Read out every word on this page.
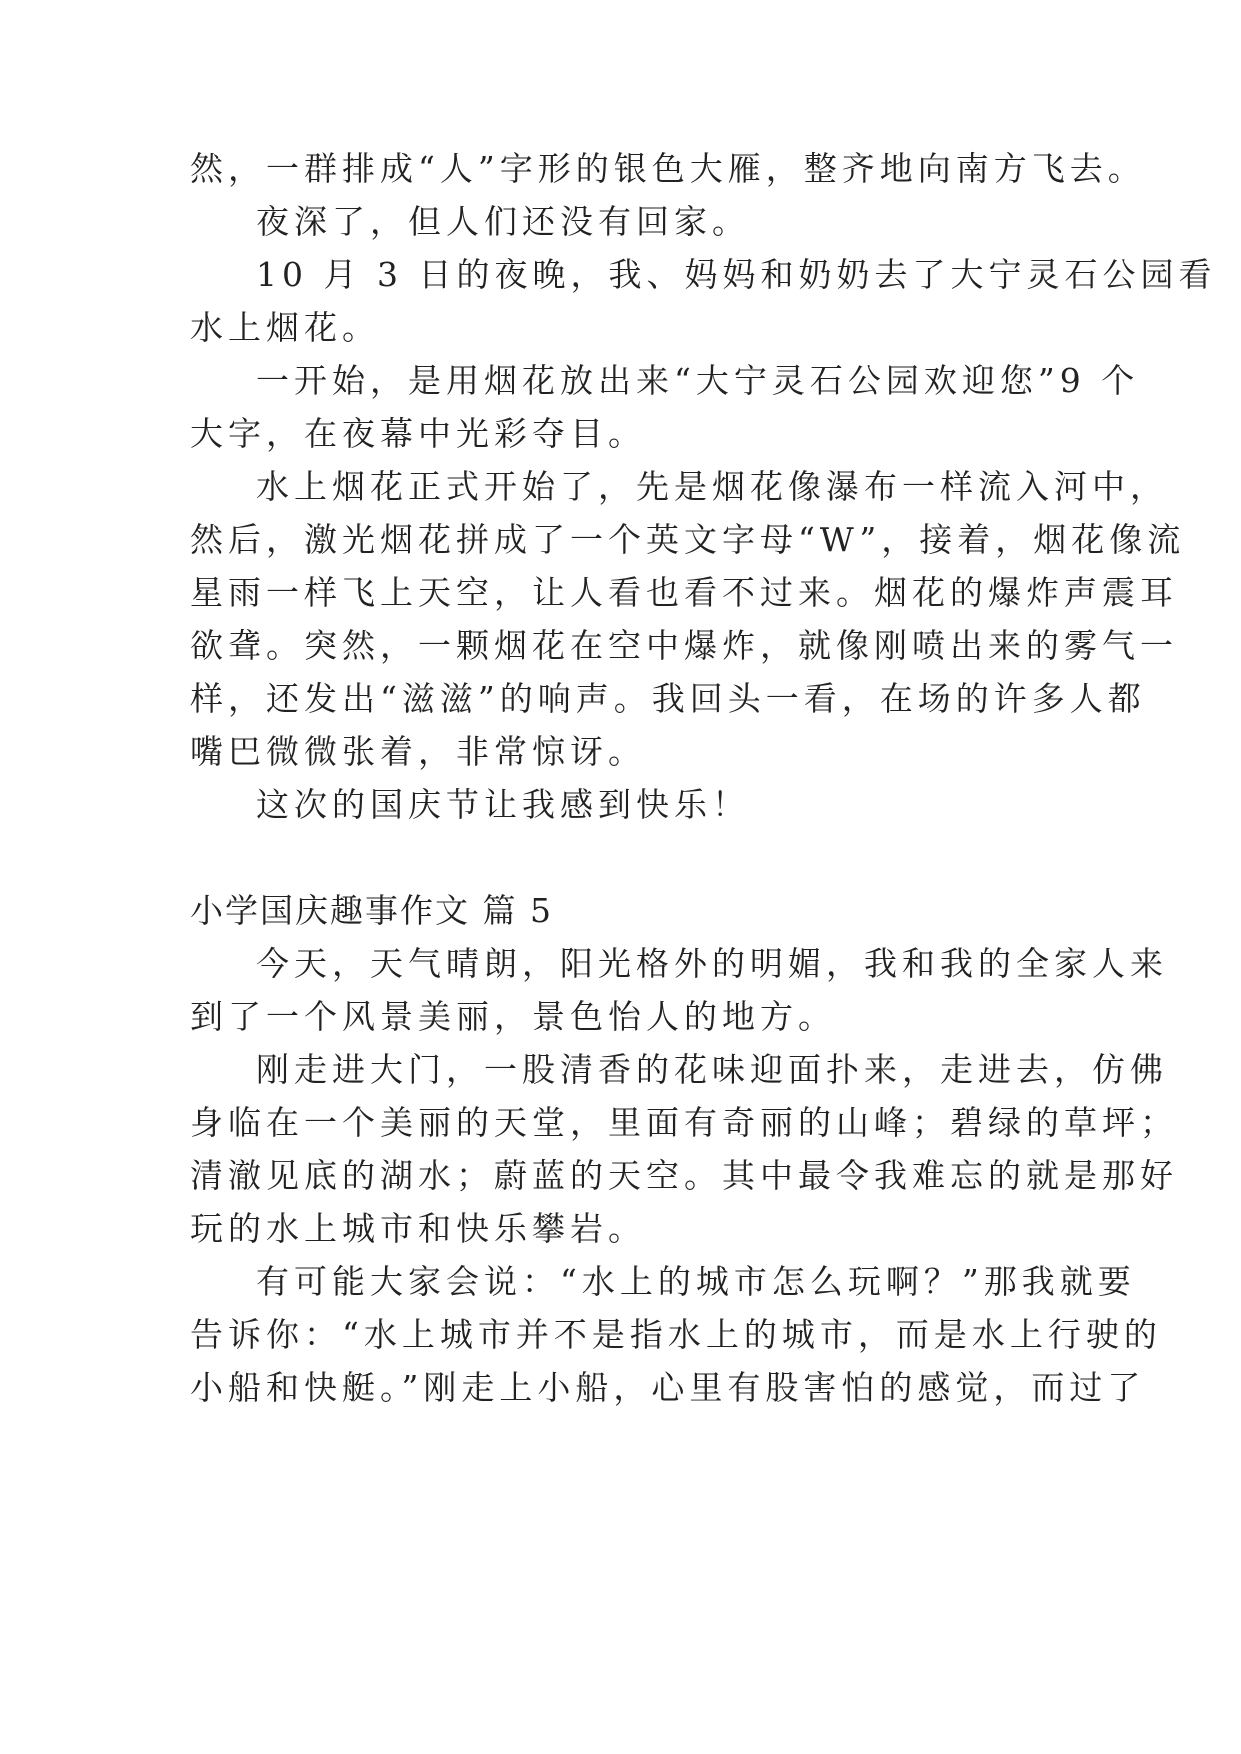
然，一群排成“人”字形的银色大雁，整齐地向南方飞去。
夜深了，但人们还没有回家。
10 月 3 日的夜晚，我、妈妈和奶奶去了大宁灵石公园看
水上烟花。
一开始，是用烟花放出来“大宁灵石公园欢迎您”9 个
大字，在夜幕中光彩夺目。
水上烟花正式开始了，先是烟花像瀑布一样流入河中，
然后，激光烟花拼成了一个英文字母“W”，接着，烟花像流
星雨一样飞上天空，让人看也看不过来。烟花的爆炸声震耳
欲聋。突然，一颗烟花在空中爆炸，就像刚喷出来的雾气一
样，还发出“滋滋”的响声。我回头一看，在场的许多人都
嘴巴微微张着，非常惊讶。
这次的国庆节让我感到快乐！
小学国庆趣事作文 篇 5
今天，天气晴朗，阳光格外的明媚，我和我的全家人来
到了一个风景美丽，景色怡人的地方。
刚走进大门，一股清香的花味迎面扑来，走进去，仿佛
身临在一个美丽的天堂，里面有奇丽的山峰；碧绿的草坪；
清澈见底的湖水；蔚蓝的天空。其中最令我难忘的就是那好
玩的水上城市和快乐攀岩。
有可能大家会说：“水上的城市怎么玩啊？”那我就要
告诉你：“水上城市并不是指水上的城市，而是水上行驶的
小船和快艇。”刚走上小船，心里有股害怕的感觉，而过了
